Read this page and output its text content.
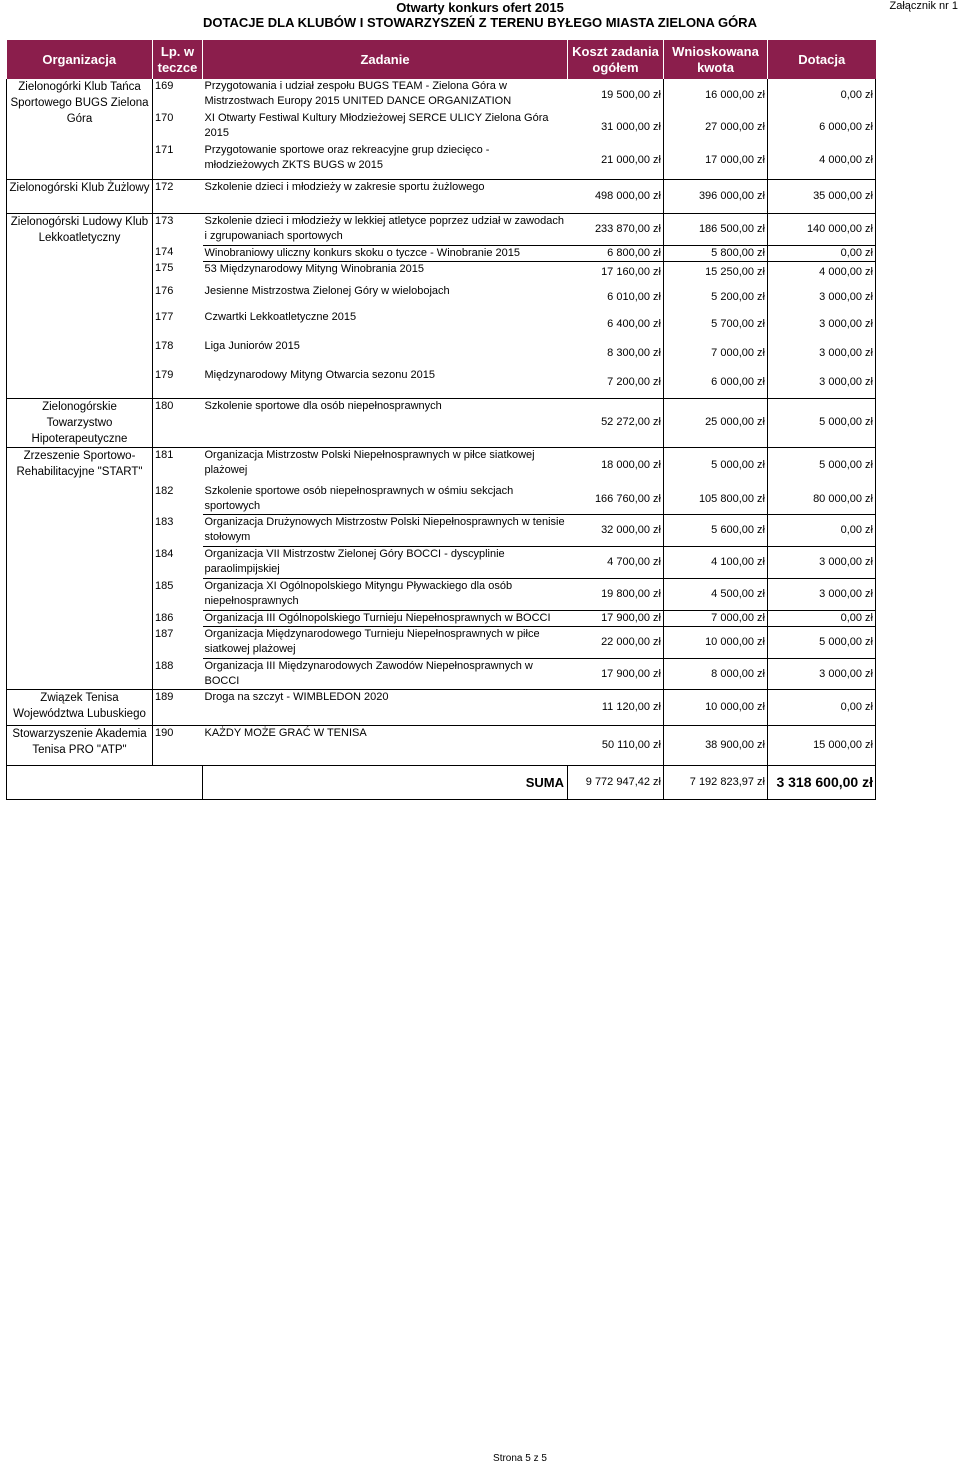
Załącznik nr 1
Otwarty konkurs ofert 2015
DOTACJE DLA KLUBÓW I STOWARZYSZEŃ Z TERENU BYŁEGO MIASTA ZIELONA GÓRA
Organizacja	Lp. w teczce	Zadanie	Koszt zadania ogółem	Wnioskowana kwota	Dotacja
Zielonogórki Klub Tańca Sportowego BUGS Zielona Góra	169	Przygotowania i udział zespołu BUGS TEAM - Zielona Góra w Mistrzostwach Europy 2015 UNITED DANCE ORGANIZATION	19 500,00 zł	16 000,00 zł	0,00 zł
	170	XI Otwarty Festiwal Kultury Młodzieżowej SERCE ULICY Zielona Góra 2015	31 000,00 zł	27 000,00 zł	6 000,00 zł
	171	Przygotowanie sportowe oraz rekreacyjne grup dziecięco - młodzieżowych ZKTS BUGS w 2015	21 000,00 zł	17 000,00 zł	4 000,00 zł
Zielonogórski Klub Żużlowy	172	Szkolenie dzieci i młodzieży w zakresie sportu żużlowego	498 000,00 zł	396 000,00 zł	35 000,00 zł
Zielonogórski Ludowy Klub Lekkoatletyczny	173	Szkolenie dzieci i młodzieży w lekkiej atletyce poprzez udział w zawodach i zgrupowaniach sportowych	233 870,00 zł	186 500,00 zł	140 000,00 zł
	174	Winobraniowy uliczny konkurs skoku o tyczce - Winobranie 2015	6 800,00 zł	5 800,00 zł	0,00 zł
	175	53 Międzynarodowy Mityng Winobrania 2015	17 160,00 zł	15 250,00 zł	4 000,00 zł
	176	Jesienne Mistrzostwa Zielonej Góry w wielobojach	6 010,00 zł	5 200,00 zł	3 000,00 zł
	177	Czwartki Lekkoatletyczne 2015	6 400,00 zł	5 700,00 zł	3 000,00 zł
	178	Liga Juniorów 2015	8 300,00 zł	7 000,00 zł	3 000,00 zł
	179	Międzynarodowy Mityng Otwarcia sezonu 2015	7 200,00 zł	6 000,00 zł	3 000,00 zł
Zielonogórskie Towarzystwo Hipoterapeutyczne	180	Szkolenie sportowe dla osób niepełnosprawnych	52 272,00 zł	25 000,00 zł	5 000,00 zł
Zrzeszenie Sportowo-Rehabilitacyjne "START"	181	Organizacja Mistrzostw Polski Niepełnosprawnych w piłce siatkowej plażowej	18 000,00 zł	5 000,00 zł	5 000,00 zł
	182	Szkolenie sportowe osób niepełnosprawnych w ośmiu sekcjach sportowych	166 760,00 zł	105 800,00 zł	80 000,00 zł
	183	Organizacja Drużynowych Mistrzostw Polski Niepełnosprawnych w tenisie stołowym	32 000,00 zł	5 600,00 zł	0,00 zł
	184	Organizacja VII Mistrzostw Zielonej Góry BOCCI - dyscyplinie paraolimpijskiej	4 700,00 zł	4 100,00 zł	3 000,00 zł
	185	Organizacja XI Ogólnopolskiego Mityngu Pływackiego dla osób niepełnosprawnych	19 800,00 zł	4 500,00 zł	3 000,00 zł
	186	Organizacja III Ogólnopolskiego Turnieju Niepełnosprawnych w BOCCI	17 900,00 zł	7 000,00 zł	0,00 zł
	187	Organizacja Międzynarodowego Turnieju Niepełnosprawnych w piłce siatkowej plażowej	22 000,00 zł	10 000,00 zł	5 000,00 zł
	188	Organizacja III Międzynarodowych Zawodów Niepełnosprawnych w BOCCI	17 900,00 zł	8 000,00 zł	3 000,00 zł
Związek Tenisa Województwa Lubuskiego	189	Droga na szczyt - WIMBLEDON 2020	11 120,00 zł	10 000,00 zł	0,00 zł
Stowarzyszenie Akademia Tenisa PRO "ATP"	190	KAŻDY MOŻE GRAĆ W TENISA	50 110,00 zł	38 900,00 zł	15 000,00 zł
		SUMA	9 772 947,42 zł	7 192 823,97 zł	3 318 600,00 zł
Strona 5 z 5
